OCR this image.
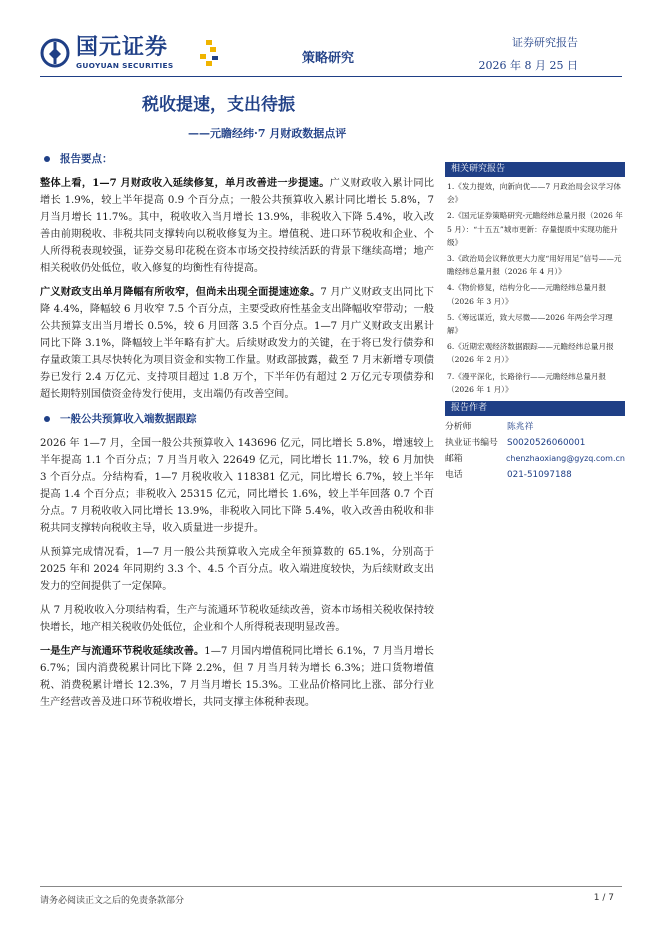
国元证券
GUOYUAN SECURITIES	策略研究
证券研究报告
2026 年 8 月 25 日
税收提速，支出待振
——元瞻经纬·7 月财政数据点评
报告要点：

整体上看，1—7 月财政收入延续修复，单月改善进一步提速。广义财政收入累计同比增长 1.9%，较上半年提高 0.9 个百分点；一般公共预算收入累计同比增长 5.8%，7 月当月增长 11.7%。其中，税收收入当月增长 13.9%，非税收入下降 5.4%，收入改善由前期税收、非税共同支撑转向以税收修复为主。增值税、进口环节税收和企业、个人所得税表现较强，证券交易印花税在资本市场交投持续活跃的背景下继续高增；地产相关税收仍处低位，收入修复的均衡性有待提高。

广义财政支出单月降幅有所收窄，但尚未出现全面提速迹象。7 月广义财政支出同比下降 4.4%，降幅较 6 月收窄 7.5 个百分点，主要受政府性基金支出降幅收窄带动；一般公共预算支出当月增长 0.5%，较 6 月回落 3.5 个百分点。1—7 月广义财政支出累计同比下降 3.1%，降幅较上半年略有扩大。后续财政发力的关键，在于将已发行债券和存量政策工具尽快转化为项目资金和实物工作量。财政部披露，截至 7 月末新增专项债券已发行 2.4 万亿元、支持项目超过 1.8 万个，下半年仍有超过 2 万亿元专项债券和超长期特别国债资金待发行使用，支出端仍有改善空间。

一般公共预算收入端数据跟踪

2026 年 1—7 月，全国一般公共预算收入 143696 亿元，同比增长 5.8%，增速较上半年提高 1.1 个百分点；7 月当月收入 22649 亿元，同比增长 11.7%，较 6 月加快 3 个百分点。分结构看，1—7 月税收收入 118381 亿元，同比增长 6.7%，较上半年提高 1.4 个百分点；非税收入 25315 亿元，同比增长 1.6%，较上半年回落 0.7 个百分点。7 月税收收入同比增长 13.9%，非税收入同比下降 5.4%，收入改善由税收和非税共同支撑转向税收主导，收入质量进一步提升。

从预算完成情况看，1—7 月一般公共预算收入完成全年预算数的 65.1%，分别高于 2025 年和 2024 年同期约 3.3 个、4.5 个百分点。收入端进度较快，为后续财政支出发力的空间提供了一定保障。

从 7 月税收收入分项结构看，生产与流通环节税收延续改善，资本市场相关税收保持较快增长，地产相关税收仍处低位，企业和个人所得税表现明显改善。

一是生产与流通环节税收延续改善。1—7 月国内增值税同比增长 6.1%，7 月当月增长 6.7%；国内消费税累计同比下降 2.2%，但 7 月当月转为增长 6.3%；进口货物增值税、消费税累计增长 12.3%，7 月当月增长 15.3%。工业品价格同比上涨、部分行业生产经营改善及进口环节税收增长，共同支撑主体税种表现。

相关研究报告
1.《发力提效，向新向优——7 月政治局会议学习体会》
2.《国元证券策略研究-元瞻经纬总量月报（2026 年 5 月）：“十五五”城市更新：存量提质中实现功能升级》
3.《政治局会议释放更大力度“用好用足”信号——元瞻经纬总量月报（2026 年 4 月）》
4.《物价修复，结构分化——元瞻经纬总量月报（2026 年 3 月）》
5.《筹远谋近，致大尽微——2026 年两会学习理解》
6.《近期宏观经济数据跟踪——元瞻经纬总量月报（2026 年 2 月）》
7.《漫平深化，长路徐行——元瞻经纬总量月报（2026 年 1 月）》
报告作者
分析师	陈兆祥
执业证书编号	S0020526060001
邮箱	chenzhaoxiang@gyzq.com.cn
电话	021-51097188
请务必阅读正文之后的免责条款部分	1 / 7
